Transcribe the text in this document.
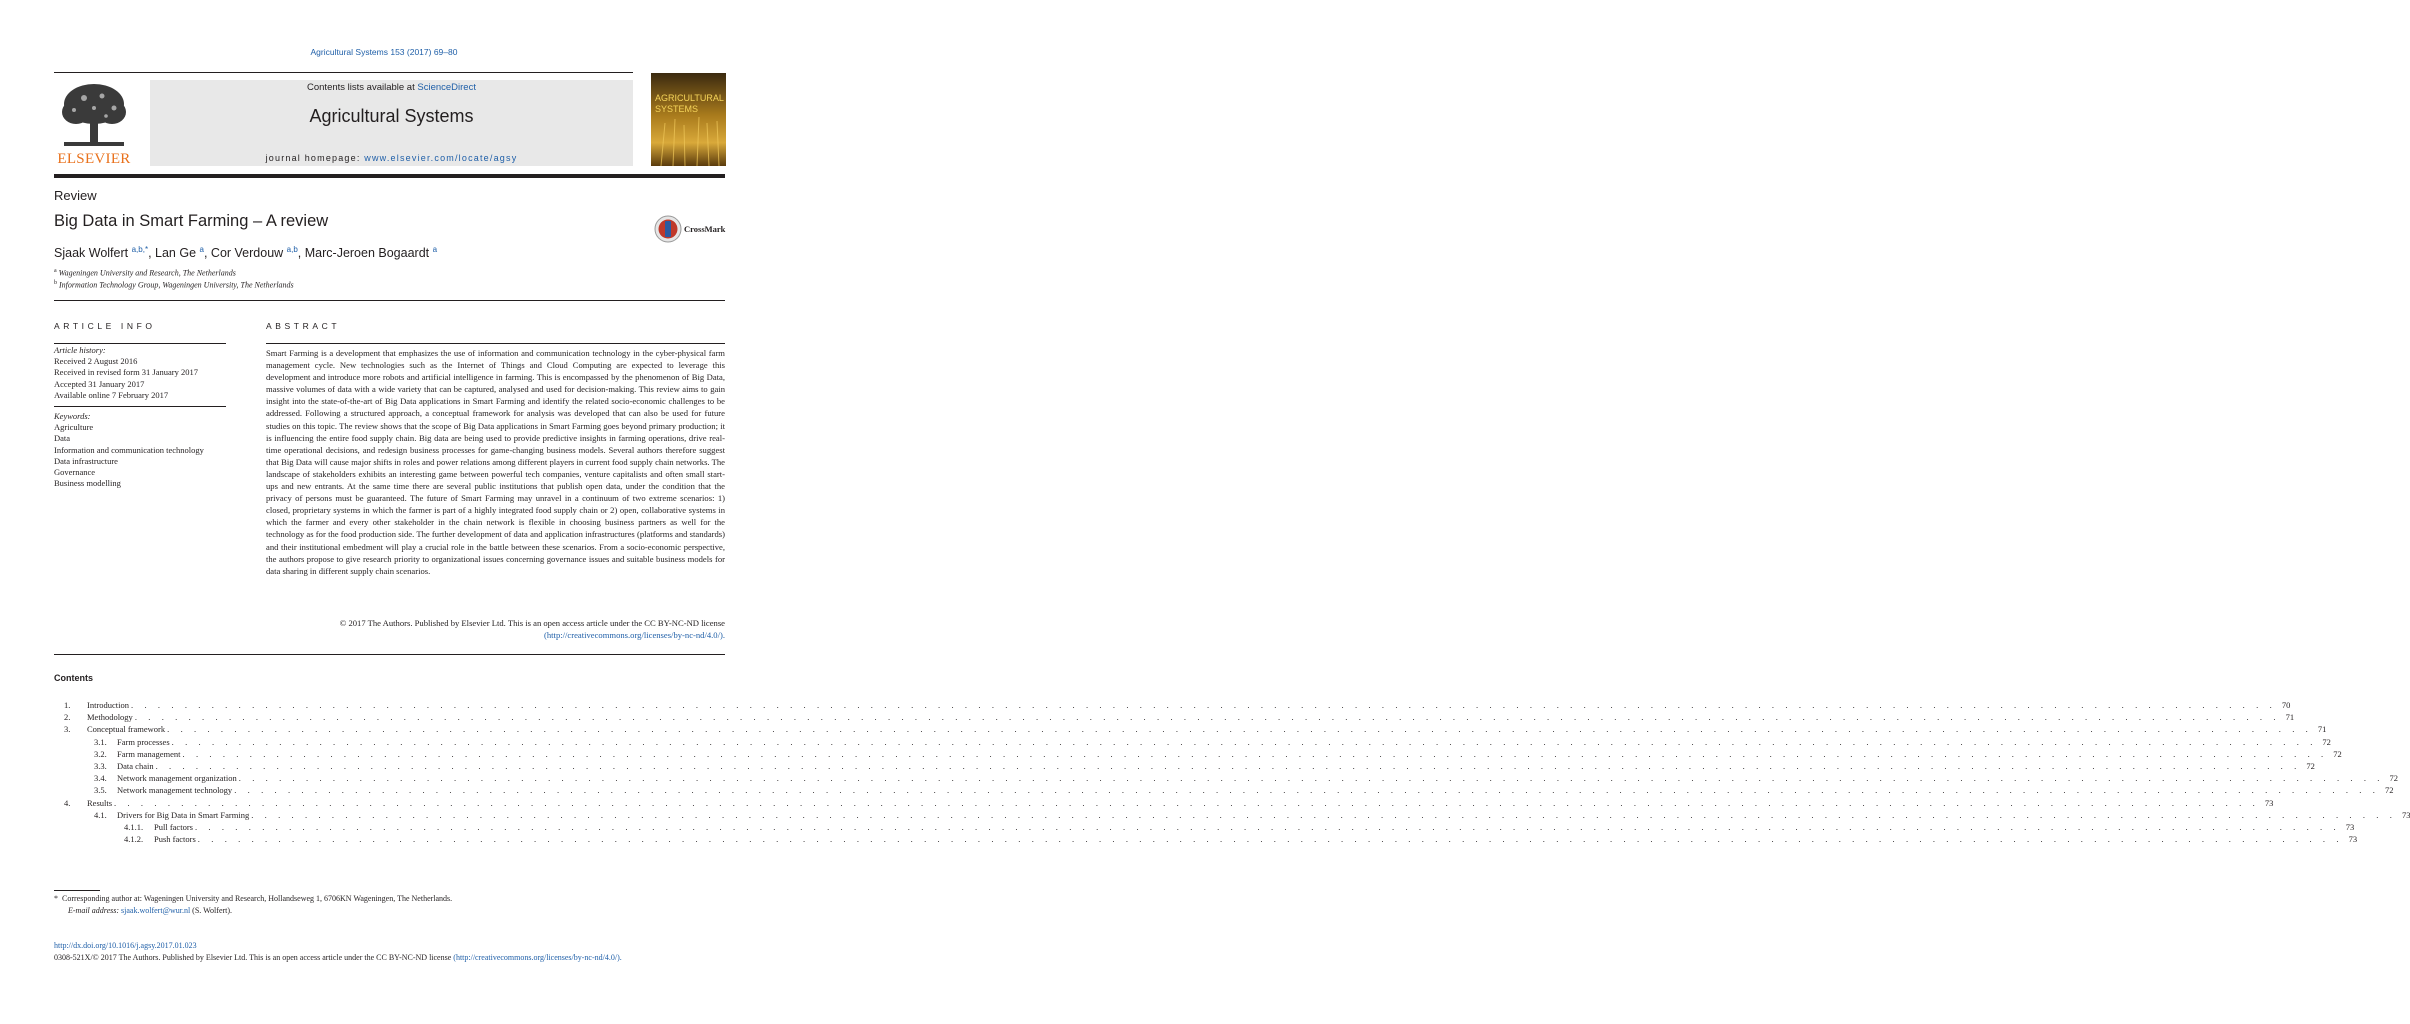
Agricultural Systems 153 (2017) 69–80
ELSEVIER
Contents lists available at ScienceDirect
Agricultural Systems
journal homepage: www.elsevier.com/locate/agsy
AGRICULTURAL
SYSTEMS
Review
Big Data in Smart Farming – A review	CrossMark
Sjaak Wolfert $^{a,b,*}$, Lan Ge $^a$, Cor Verdouw $^{a,b}$, Marc-Jeroen Bogaardt $^a$
$^a$ Wageningen University and Research, The Netherlands
$^b$ Information Technology Group, Wageningen University, The Netherlands
ARTICLE INFO
Article history:
Received 2 August 2016
Received in revised form 31 January 2017
Accepted 31 January 2017
Available online 7 February 2017
Keywords:
Agriculture
Data
Information and communication technology
Data infrastructure
Governance
Business modelling
ABSTRACT

Smart Farming is a development that emphasizes the use of information and communication technology in the cyber-physical farm management cycle. New technologies such as the Internet of Things and Cloud Computing are expected to leverage this development and introduce more robots and artificial intelligence in farming. This is encompassed by the phenomenon of Big Data, massive volumes of data with a wide variety that can be captured, analysed and used for decision-making. This review aims to gain insight into the state-of-the-art of Big Data applications in Smart Farming and identify the related socio-economic challenges to be addressed. Following a structured approach, a conceptual framework for analysis was developed that can also be used for future studies on this topic. The review shows that the scope of Big Data applications in Smart Farming goes beyond primary production; it is influencing the entire food supply chain. Big data are being used to provide predictive insights in farming operations, drive real-time operational decisions, and redesign business processes for game-changing business models. Several authors therefore suggest that Big Data will cause major shifts in roles and power relations among different players in current food supply chain networks. The landscape of stakeholders exhibits an interesting game between powerful tech companies, venture capitalists and often small start-ups and new entrants. At the same time there are several public institutions that publish open data, under the condition that the privacy of persons must be guaranteed. The future of Smart Farming may unravel in a continuum of two extreme scenarios: 1) closed, proprietary systems in which the farmer is part of a highly integrated food supply chain or 2) open, collaborative systems in which the farmer and every other stakeholder in the chain network is flexible in choosing business partners as well for the technology as for the food production side. The further development of data and application infrastructures (platforms and standards) and their institutional embedment will play a crucial role in the battle between these scenarios. From a socio-economic perspective, the authors propose to give research priority to organizational issues concerning governance issues and suitable business models for data sharing in different supply chain scenarios.

© 2017 The Authors. Published by Elsevier Ltd. This is an open access article under the CC BY-NC-ND license
(http://creativecommons.org/licenses/by-nc-nd/4.0/).
Contents
1.	Introduction . . . . . . . . . . . . . . . . . . . . . . . . . . . . . . . . . . . . . . . . . . . . . . . . . . . . . . . . . . . . . . . . . . . . . . . . . . . . . . . . . . . . . . . . . . . . . . . . . . . . . . . . . . . . . . . . . . . . . . . . . . . . . . . . . . . . . . . . . . . . . . . . . . . . . . . . . . . . . . . . 70
2.	Methodology . . . . . . . . . . . . . . . . . . . . . . . . . . . . . . . . . . . . . . . . . . . . . . . . . . . . . . . . . . . . . . . . . . . . . . . . . . . . . . . . . . . . . . . . . . . . . . . . . . . . . . . . . . . . . . . . . . . . . . . . . . . . . . . . . . . . . . . . . . . . . . . . . . . . . . . . . . . . . . . . 71
3.	Conceptual framework . . . . . . . . . . . . . . . . . . . . . . . . . . . . . . . . . . . . . . . . . . . . . . . . . . . . . . . . . . . . . . . . . . . . . . . . . . . . . . . . . . . . . . . . . . . . . . . . . . . . . . . . . . . . . . . . . . . . . . . . . . . . . . . . . . . . . . . . . . . . . . . . . . . . . . . . . . . . . . . . 71
3.1.	Farm processes . . . . . . . . . . . . . . . . . . . . . . . . . . . . . . . . . . . . . . . . . . . . . . . . . . . . . . . . . . . . . . . . . . . . . . . . . . . . . . . . . . . . . . . . . . . . . . . . . . . . . . . . . . . . . . . . . . . . . . . . . . . . . . . . . . . . . . . . . . . . . . . . . . . . . . . . . . . . . . . . 72
3.2.	Farm management . . . . . . . . . . . . . . . . . . . . . . . . . . . . . . . . . . . . . . . . . . . . . . . . . . . . . . . . . . . . . . . . . . . . . . . . . . . . . . . . . . . . . . . . . . . . . . . . . . . . . . . . . . . . . . . . . . . . . . . . . . . . . . . . . . . . . . . . . . . . . . . . . . . . . . . . . . . . . . . . 72
3.3.	Data chain . . . . . . . . . . . . . . . . . . . . . . . . . . . . . . . . . . . . . . . . . . . . . . . . . . . . . . . . . . . . . . . . . . . . . . . . . . . . . . . . . . . . . . . . . . . . . . . . . . . . . . . . . . . . . . . . . . . . . . . . . . . . . . . . . . . . . . . . . . . . . . . . . . . . . . . . . . . . . . . . 72
3.4.	Network management organization . . . . . . . . . . . . . . . . . . . . . . . . . . . . . . . . . . . . . . . . . . . . . . . . . . . . . . . . . . . . . . . . . . . . . . . . . . . . . . . . . . . . . . . . . . . . . . . . . . . . . . . . . . . . . . . . . . . . . . . . . . . . . . . . . . . . . . . . . . . . . . . . . . . . . . . . . . . . . . . . 72
3.5.	Network management technology . . . . . . . . . . . . . . . . . . . . . . . . . . . . . . . . . . . . . . . . . . . . . . . . . . . . . . . . . . . . . . . . . . . . . . . . . . . . . . . . . . . . . . . . . . . . . . . . . . . . . . . . . . . . . . . . . . . . . . . . . . . . . . . . . . . . . . . . . . . . . . . . . . . . . . . . . . . . . . . . 72
4.	Results . . . . . . . . . . . . . . . . . . . . . . . . . . . . . . . . . . . . . . . . . . . . . . . . . . . . . . . . . . . . . . . . . . . . . . . . . . . . . . . . . . . . . . . . . . . . . . . . . . . . . . . . . . . . . . . . . . . . . . . . . . . . . . . . . . . . . . . . . . . . . . . . . . . . . . . . . . . . . . . . 73
4.1.	Drivers for Big Data in Smart Farming . . . . . . . . . . . . . . . . . . . . . . . . . . . . . . . . . . . . . . . . . . . . . . . . . . . . . . . . . . . . . . . . . . . . . . . . . . . . . . . . . . . . . . . . . . . . . . . . . . . . . . . . . . . . . . . . . . . . . . . . . . . . . . . . . . . . . . . . . . . . . . . . . . . . . . . . . . . . . . . . 73
4.1.1.	Pull factors . . . . . . . . . . . . . . . . . . . . . . . . . . . . . . . . . . . . . . . . . . . . . . . . . . . . . . . . . . . . . . . . . . . . . . . . . . . . . . . . . . . . . . . . . . . . . . . . . . . . . . . . . . . . . . . . . . . . . . . . . . . . . . . . . . . . . . . . . . . . . . . . . . . . . . . . . . . . . . . . 73
4.1.2.	Push factors . . . . . . . . . . . . . . . . . . . . . . . . . . . . . . . . . . . . . . . . . . . . . . . . . . . . . . . . . . . . . . . . . . . . . . . . . . . . . . . . . . . . . . . . . . . . . . . . . . . . . . . . . . . . . . . . . . . . . . . . . . . . . . . . . . . . . . . . . . . . . . . . . . . . . . . . . . . . . . . . 73
* Corresponding author at: Wageningen University and Research, Hollandseweg 1, 6706KN Wageningen, The Netherlands.
E-mail address: sjaak.wolfert@wur.nl (S. Wolfert).
http://dx.doi.org/10.1016/j.agsy.2017.01.023
0308-521X/© 2017 The Authors. Published by Elsevier Ltd. This is an open access article under the CC BY-NC-ND license (http://creativecommons.org/licenses/by-nc-nd/4.0/).
